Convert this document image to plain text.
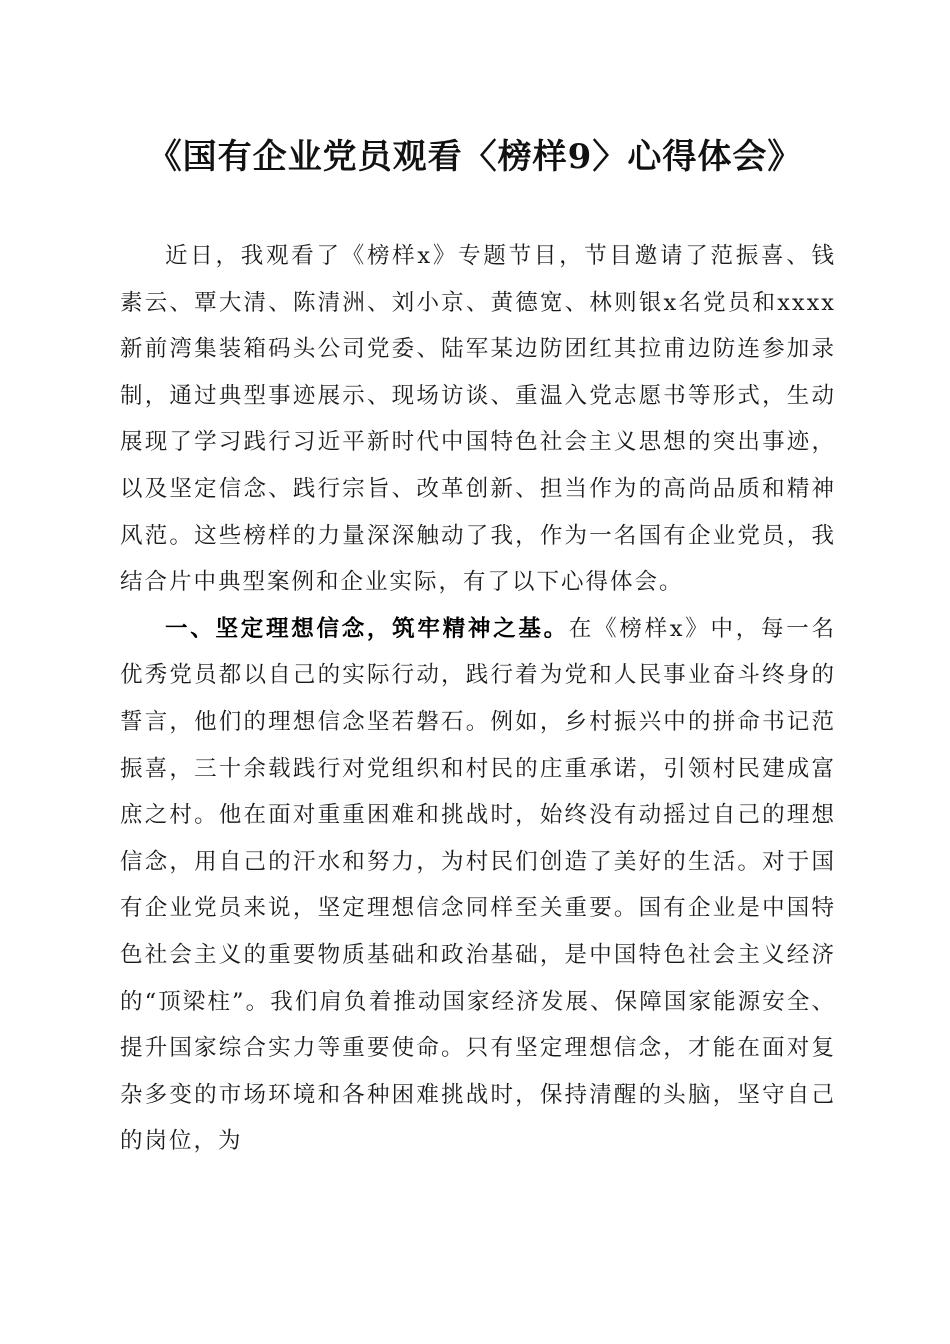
《国有企业党员观看〈榜样9〉心得体会》

近日，我观看了《榜样x》专题节目，节目邀请了范振喜、钱素云、覃大清、陈清洲、刘小京、黄德宽、林则银x名党员和xxxx新前湾集装箱码头公司党委、陆军某边防团红其拉甫边防连参加录制，通过典型事迹展示、现场访谈、重温入党志愿书等形式，生动展现了学习践行习近平新时代中国特色社会主义思想的突出事迹，以及坚定信念、践行宗旨、改革创新、担当作为的高尚品质和精神风范。这些榜样的力量深深触动了我，作为一名国有企业党员，我结合片中典型案例和企业实际，有了以下心得体会。

一、坚定理想信念，筑牢精神之基。在《榜样x》中，每一名优秀党员都以自己的实际行动，践行着为党和人民事业奋斗终身的誓言，他们的理想信念坚若磐石。例如，乡村振兴中的拼命书记范振喜，三十余载践行对党组织和村民的庄重承诺，引领村民建成富庶之村。他在面对重重困难和挑战时，始终没有动摇过自己的理想信念，用自己的汗水和努力，为村民们创造了美好的生活。对于国有企业党员来说，坚定理想信念同样至关重要。国有企业是中国特色社会主义的重要物质基础和政治基础，是中国特色社会主义经济的“顶梁柱”。我们肩负着推动国家经济发展、保障国家能源安全、提升国家综合实力等重要使命。只有坚定理想信念，才能在面对复杂多变的市场环境和各种困难挑战时，保持清醒的头脑，坚守自己的岗位，为
